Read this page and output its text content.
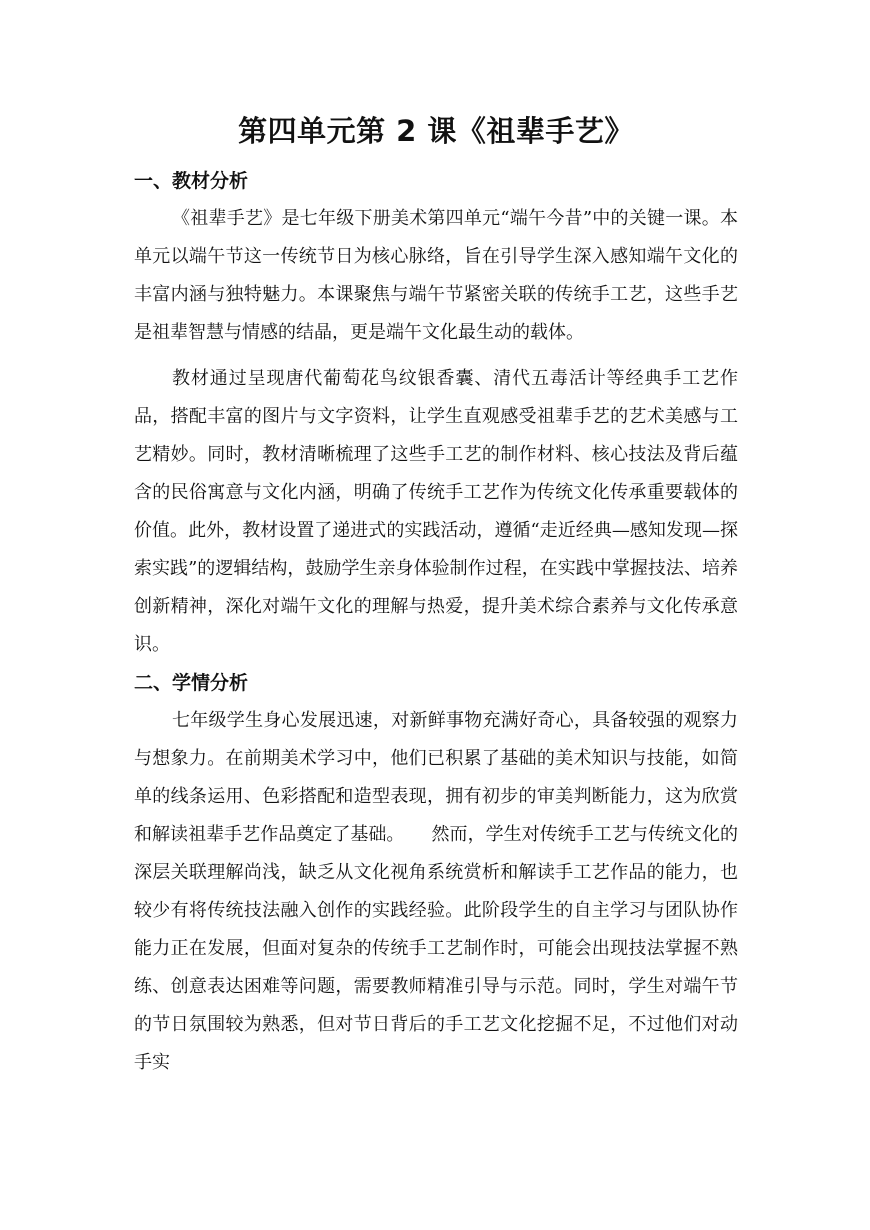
第四单元第 2 课《祖辈手艺》
一、教材分析

《祖辈手艺》是七年级下册美术第四单元“端午今昔”中的关键一课。本单元以端午节这一传统节日为核心脉络，旨在引导学生深入感知端午文化的丰富内涵与独特魅力。本课聚焦与端午节紧密关联的传统手工艺，这些手艺是祖辈智慧与情感的结晶，更是端午文化最生动的载体。

教材通过呈现唐代葡萄花鸟纹银香囊、清代五毒活计等经典手工艺作品，搭配丰富的图片与文字资料，让学生直观感受祖辈手艺的艺术美感与工艺精妙。同时，教材清晰梳理了这些手工艺的制作材料、核心技法及背后蕴含的民俗寓意与文化内涵，明确了传统手工艺作为传统文化传承重要载体的价值。此外，教材设置了递进式的实践活动，遵循“走近经典—感知发现—探索实践”的逻辑结构，鼓励学生亲身体验制作过程，在实践中掌握技法、培养创新精神，深化对端午文化的理解与热爱，提升美术综合素养与文化传承意识。

二、学情分析

七年级学生身心发展迅速，对新鲜事物充满好奇心，具备较强的观察力与想象力。在前期美术学习中，他们已积累了基础的美术知识与技能，如简单的线条运用、色彩搭配和造型表现，拥有初步的审美判断能力，这为欣赏和解读祖辈手艺作品奠定了基础。　　然而，学生对传统手工艺与传统文化的深层关联理解尚浅，缺乏从文化视角系统赏析和解读手工艺作品的能力，也较少有将传统技法融入创作的实践经验。此阶段学生的自主学习与团队协作能力正在发展，但面对复杂的传统手工艺制作时，可能会出现技法掌握不熟练、创意表达困难等问题，需要教师精准引导与示范。同时，学生对端午节的节日氛围较为熟悉，但对节日背后的手工艺文化挖掘不足，不过他们对动手实
